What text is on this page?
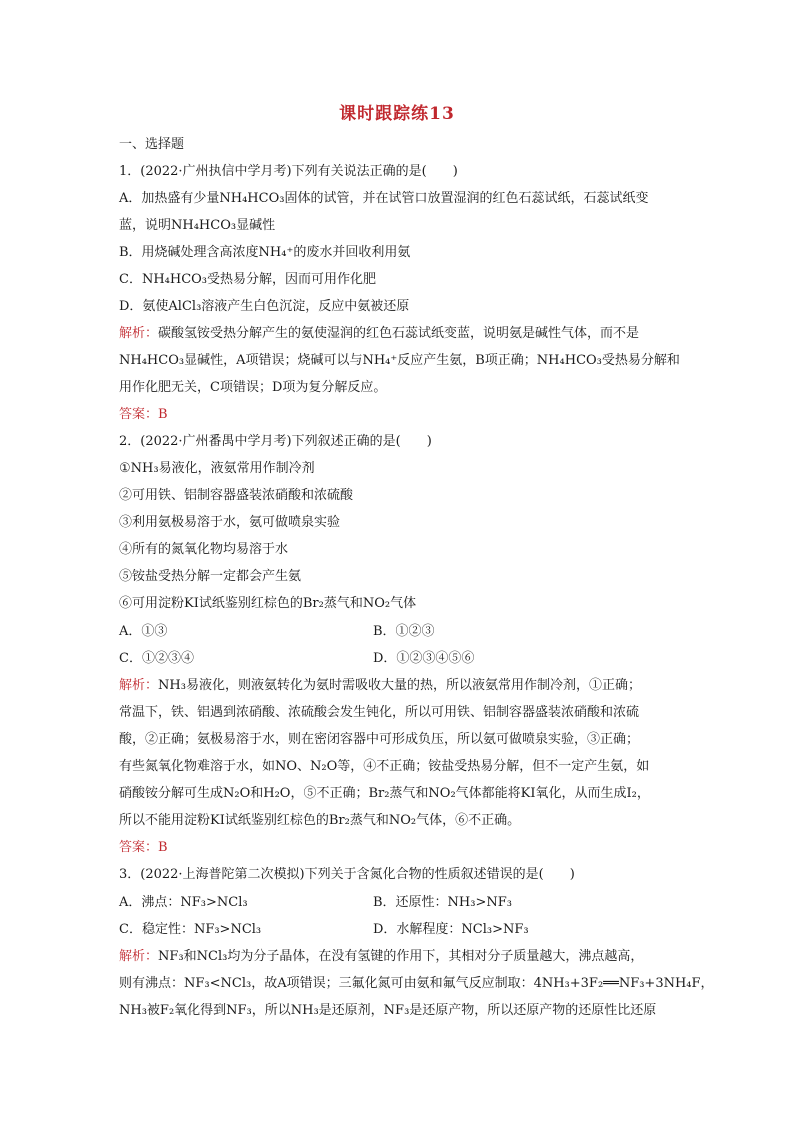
课时跟踪练13
一、选择题
1．(2022·广州执信中学月考)下列有关说法正确的是(　　)
A．加热盛有少量NH₄HCO₃固体的试管，并在试管口放置湿润的红色石蕊试纸，石蕊试纸变
蓝，说明NH₄HCO₃显碱性
B．用烧碱处理含高浓度NH₄⁺的废水并回收利用氨
C．NH₄HCO₃受热易分解，因而可用作化肥
D．氨使AlCl₃溶液产生白色沉淀，反应中氨被还原
解析：碳酸氢铵受热分解产生的氨使湿润的红色石蕊试纸变蓝，说明氨是碱性气体，而不是
NH₄HCO₃显碱性，A项错误；烧碱可以与NH₄⁺反应产生氨，B项正确；NH₄HCO₃受热易分解和
用作化肥无关，C项错误；D项为复分解反应。
答案：B
2．(2022·广州番禺中学月考)下列叙述正确的是(　　)
①NH₃易液化，液氨常用作制冷剂
②可用铁、铝制容器盛装浓硝酸和浓硫酸
③利用氨极易溶于水，氨可做喷泉实验
④所有的氮氧化物均易溶于水
⑤铵盐受热分解一定都会产生氨
⑥可用淀粉KI试纸鉴别红棕色的Br₂蒸气和NO₂气体
A．①③	B．①②③
C．①②③④	D．①②③④⑤⑥
解析：NH₃易液化，则液氨转化为氨时需吸收大量的热，所以液氨常用作制冷剂，①正确；
常温下，铁、铝遇到浓硝酸、浓硫酸会发生钝化，所以可用铁、铝制容器盛装浓硝酸和浓硫
酸，②正确；氨极易溶于水，则在密闭容器中可形成负压，所以氨可做喷泉实验，③正确；
有些氮氧化物难溶于水，如NO、N₂O等，④不正确；铵盐受热易分解，但不一定产生氨，如
硝酸铵分解可生成N₂O和H₂O，⑤不正确；Br₂蒸气和NO₂气体都能将KI氧化，从而生成I₂，
所以不能用淀粉KI试纸鉴别红棕色的Br₂蒸气和NO₂气体，⑥不正确。
答案：B
3．(2022·上海普陀第二次模拟)下列关于含氮化合物的性质叙述错误的是(　　)
A．沸点：NF₃>NCl₃	B．还原性：NH₃>NF₃
C．稳定性：NF₃>NCl₃	D．水解程度：NCl₃>NF₃
解析：NF₃和NCl₃均为分子晶体，在没有氢键的作用下，其相对分子质量越大，沸点越高，
则有沸点：NF₃<NCl₃，故A项错误；三氟化氮可由氨和氟气反应制取：4NH₃+3F₂══NF₃+3NH₄F，
NH₃被F₂氧化得到NF₃，所以NH₃是还原剂，NF₃是还原产物，所以还原产物的还原性比还原
